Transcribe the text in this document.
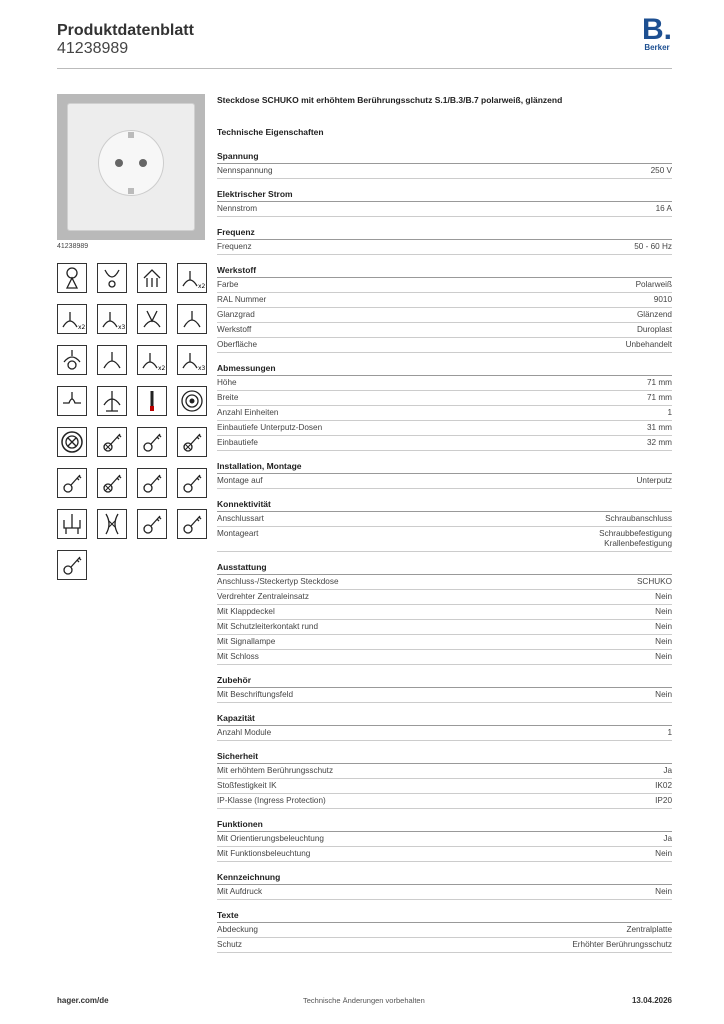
Produktdatenblatt
41238989
B.
Berker
41238989
x2
x2	x3
x2	x3
Steckdose SCHUKO mit erhöhtem Berührungsschutz S.1/B.3/B.7 polarweiß, glänzend
Technische Eigenschaften
Spannung
Nennspannung	250 V
Elektrischer Strom
Nennstrom	16 A
Frequenz
Frequenz	50 - 60 Hz
Werkstoff
Farbe	Polarweiß
RAL Nummer	9010
Glanzgrad	Glänzend
Werkstoff	Duroplast
Oberfläche	Unbehandelt
Abmessungen
Höhe	71 mm
Breite	71 mm
Anzahl Einheiten	1
Einbautiefe Unterputz-Dosen	31 mm
Einbautiefe	32 mm
Installation, Montage
Montage auf	Unterputz
Konnektivität
Anschlussart	Schraubanschluss
Montageart	Schraubbefestigung
Krallenbefestigung
Ausstattung
Anschluss-/Steckertyp Steckdose	SCHUKO
Verdrehter Zentraleinsatz	Nein
Mit Klappdeckel	Nein
Mit Schutzleiterkontakt rund	Nein
Mit Signallampe	Nein
Mit Schloss	Nein
Zubehör
Mit Beschriftungsfeld	Nein
Kapazität
Anzahl Module	1
Sicherheit
Mit erhöhtem Berührungsschutz	Ja
Stoßfestigkeit IK	IK02
IP-Klasse (Ingress Protection)	IP20
Funktionen
Mit Orientierungsbeleuchtung	Ja
Mit Funktionsbeleuchtung	Nein
Kennzeichnung
Mit Aufdruck	Nein
Texte
Abdeckung	Zentralplatte
Schutz	Erhöhter Berührungsschutz
hager.com/de	Technische Änderungen vorbehalten	13.04.2026
